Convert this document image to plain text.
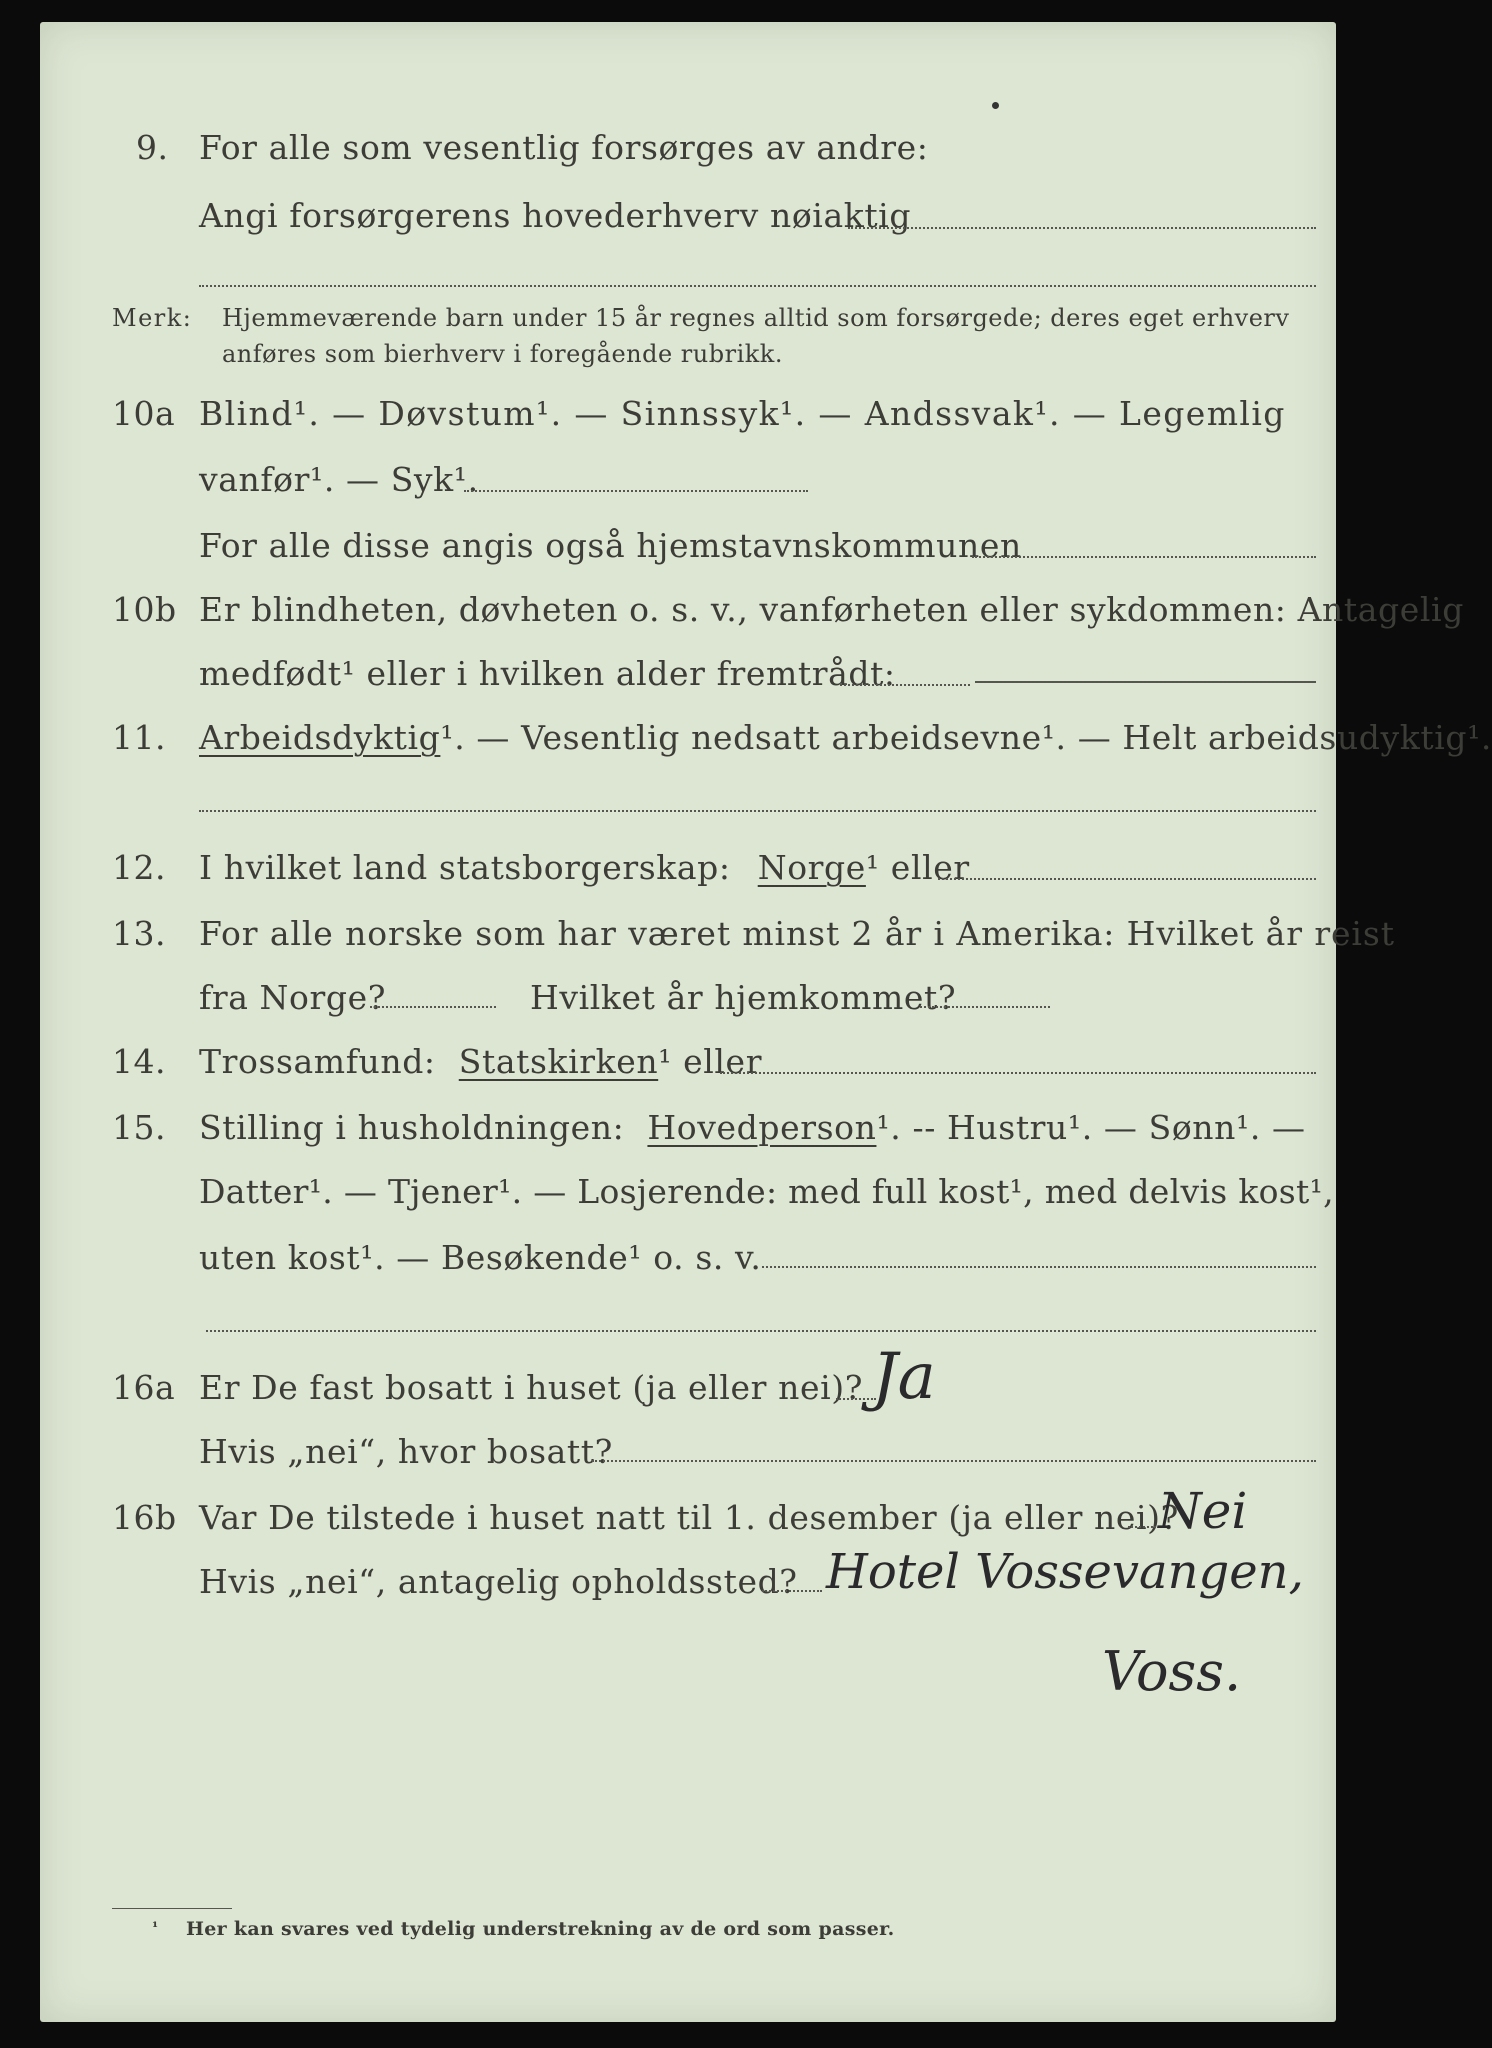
9. For alle som vesentlig forsørges av andre:
Angi forsørgerens hovederhverv nøiaktig
Merk: Hjemmeværende barn under 15 år regnes alltid som forsørgede; deres eget erhverv
anføres som bierhverv i foregående rubrikk.
10a Blind¹. — Døvstum¹. — Sinnssyk¹. — Andssvak¹. — Legemlig
vanfør¹. — Syk¹.
For alle disse angis også hjemstavnskommunen
10b Er blindheten, døvheten o. s. v., vanførheten eller sykdommen: Antagelig
medfødt¹ eller i hvilken alder fremtrådt:
11. Arbeidsdyktig¹. — Vesentlig nedsatt arbeidsevne¹. — Helt arbeidsudyktig¹.
12. I hvilket land statsborgerskap: Norge¹ eller
13. For alle norske som har været minst 2 år i Amerika: Hvilket år reist
fra Norge?	Hvilket år hjemkommet?
14. Trossamfund: Statskirken¹ eller
15. Stilling i husholdningen: Hovedperson¹. -- Hustru¹. — Sønn¹. —
Datter¹. — Tjener¹. — Losjerende: med full kost¹, med delvis kost¹,
uten kost¹. — Besøkende¹ o. s. v.
16a Er De fast bosatt i huset (ja eller nei)? Ja
Hvis „nei“, hvor bosatt?
16b Var De tilstede i huset natt til 1. desember (ja eller nei)?
Nei
Hvis „nei“, antagelig opholdssted? Hotel Vossevangen,
Voss.
¹ Her kan svares ved tydelig understrekning av de ord som passer.
